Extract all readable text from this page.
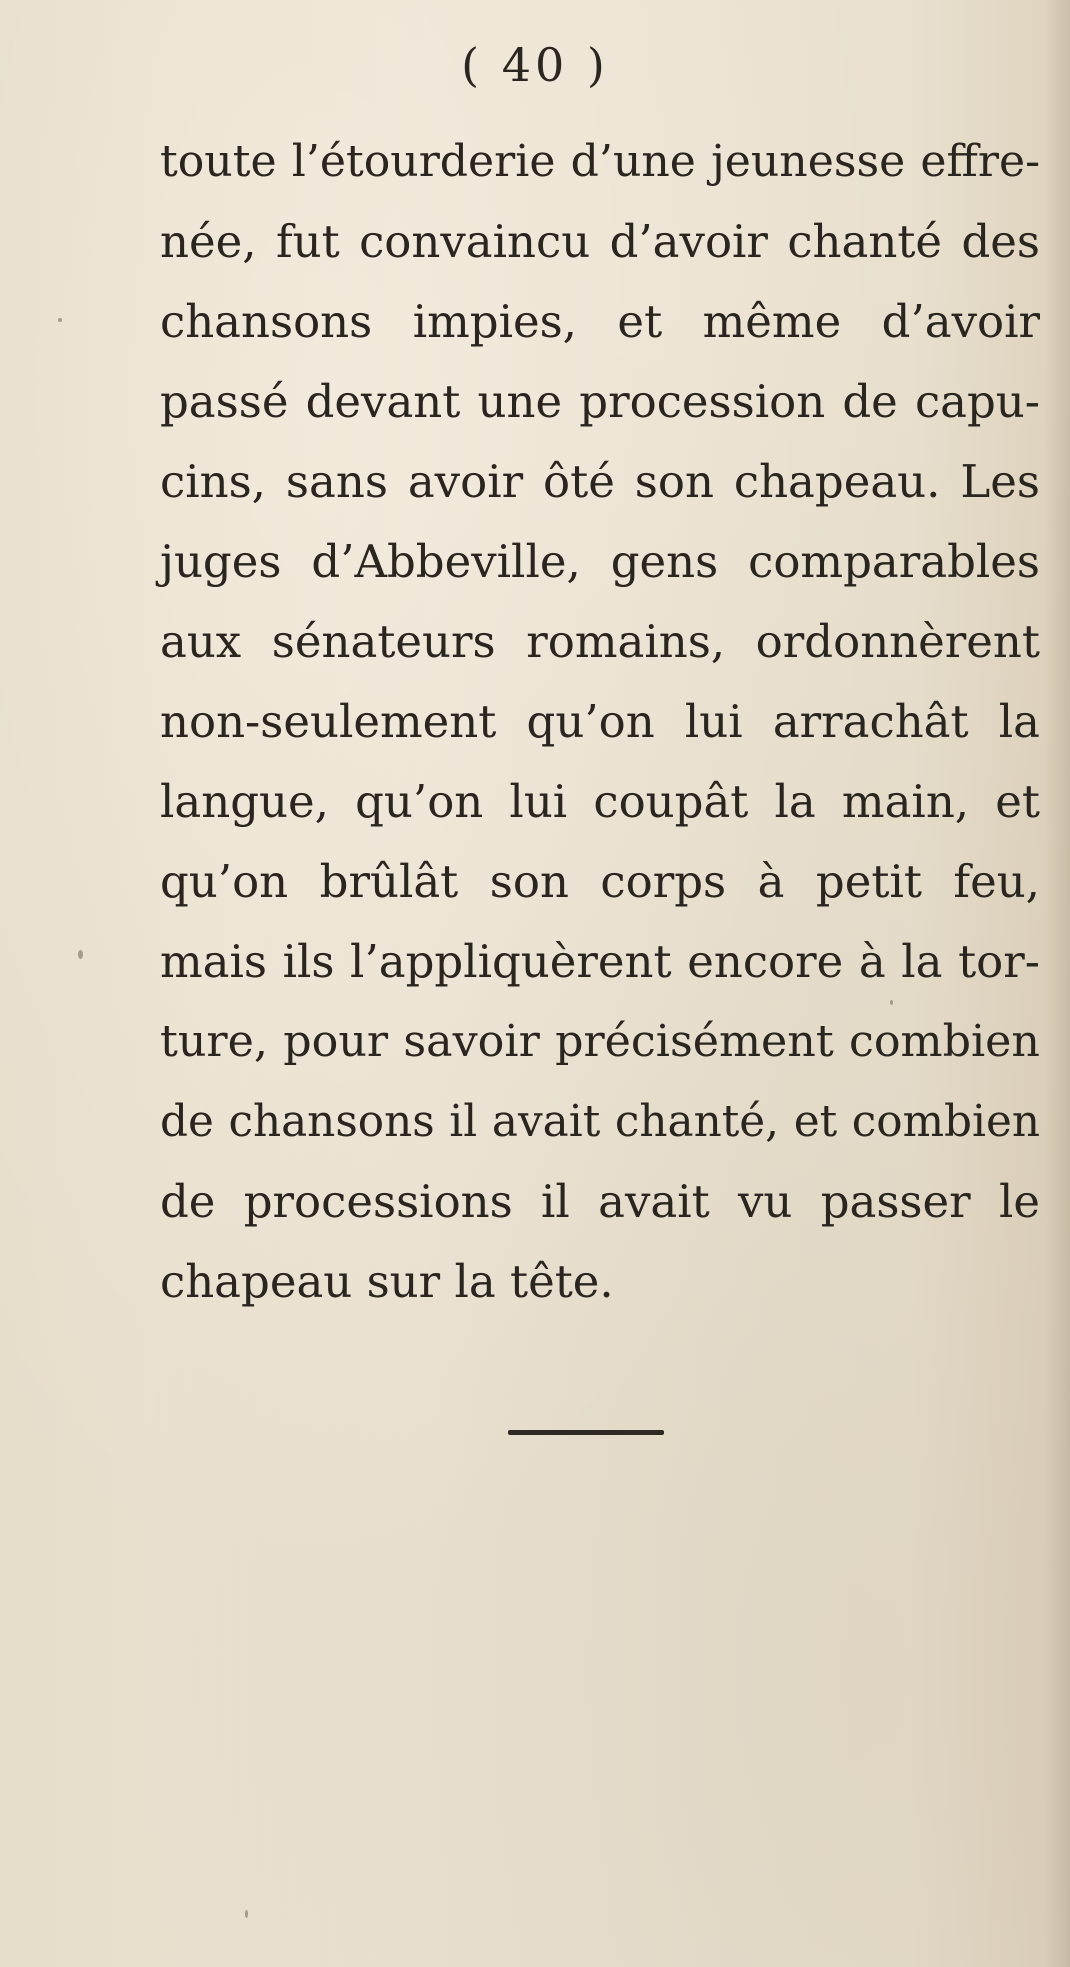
( 40 )
toute l’étourderie d’une jeunesse effre-
née, fut convaincu d’avoir chanté des
chansons impies, et même d’avoir
passé devant une procession de capu-
cins, sans avoir ôté son chapeau. Les
juges d’Abbeville, gens comparables
aux sénateurs romains, ordonnèrent
non-seulement qu’on lui arrachât la
langue, qu’on lui coupât la main, et
qu’on brûlât son corps à petit feu,
mais ils l’appliquèrent encore à la tor-
ture, pour savoir précisément combien
de chansons il avait chanté, et combien
de processions il avait vu passer le
chapeau sur la tête.
